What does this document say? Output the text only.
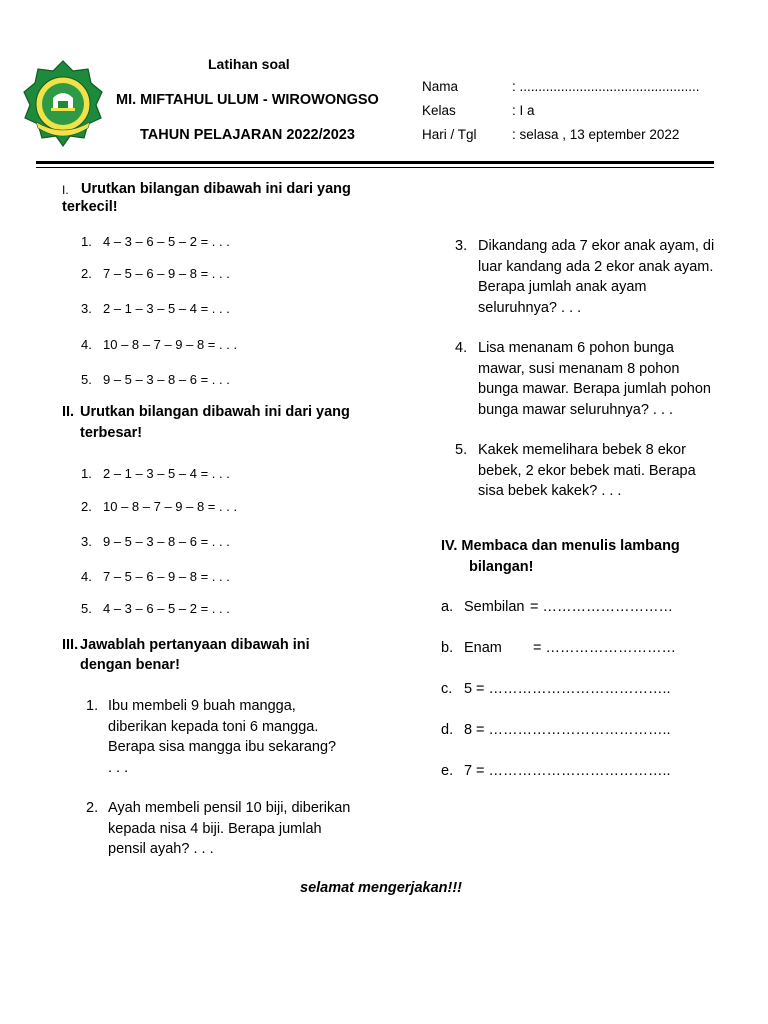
Latihan soal
MI. MIFTAHUL ULUM - WIROWONGSO
TAHUN PELAJARAN 2022/2023
Nama	: ................................................
Kelas	: I a
Hari / Tgl	: selasa , 13 eptember 2022
I. Urutkan bilangan dibawah ini dari yang
terkecil!
1. 4 – 3 – 6 – 5 – 2 = . . .
2. 7 – 5 – 6 – 9 – 8 = . . .
3. 2 – 1 – 3 – 5 – 4 = . . .
4. 10 – 8 – 7 – 9 – 8 = . . .
5. 9 – 5 – 3 – 8 – 6 = . . .
II. Urutkan bilangan dibawah ini dari yang
terbesar!
1. 2 – 1 – 3 – 5 – 4 = . . .
2. 10 – 8 – 7 – 9 – 8 = . . .
3. 9 – 5 – 3 – 8 – 6 = . . .
4. 7 – 5 – 6 – 9 – 8 = . . .
5. 4 – 3 – 6 – 5 – 2 = . . .
III. Jawablah pertanyaan dibawah ini
dengan benar!
1. Ibu membeli 9 buah mangga,
diberikan kepada toni 6 mangga.
Berapa sisa mangga ibu sekarang?
. . .
2. Ayah membeli pensil 10 biji, diberikan
kepada nisa 4 biji. Berapa jumlah
pensil ayah? . . .
3. Dikandang ada 7 ekor anak ayam, di
luar kandang ada 2 ekor anak ayam.
Berapa jumlah anak ayam
seluruhnya? . . .
4. Lisa menanam 6 pohon bunga
mawar, susi menanam 8 pohon
bunga mawar. Berapa jumlah pohon
bunga mawar seluruhnya? . . .
5. Kakek memelihara bebek 8 ekor
bebek, 2 ekor bebek mati. Berapa
sisa bebek kakek? . . .
IV. Membaca dan menulis lambang
bilangan!
a. Sembilan = ………………………
b. Enam = ………………………
c. 5 = ………………………………..
d. 8 = ………………………………..
e. 7 = ………………………………..
selamat mengerjakan!!!
